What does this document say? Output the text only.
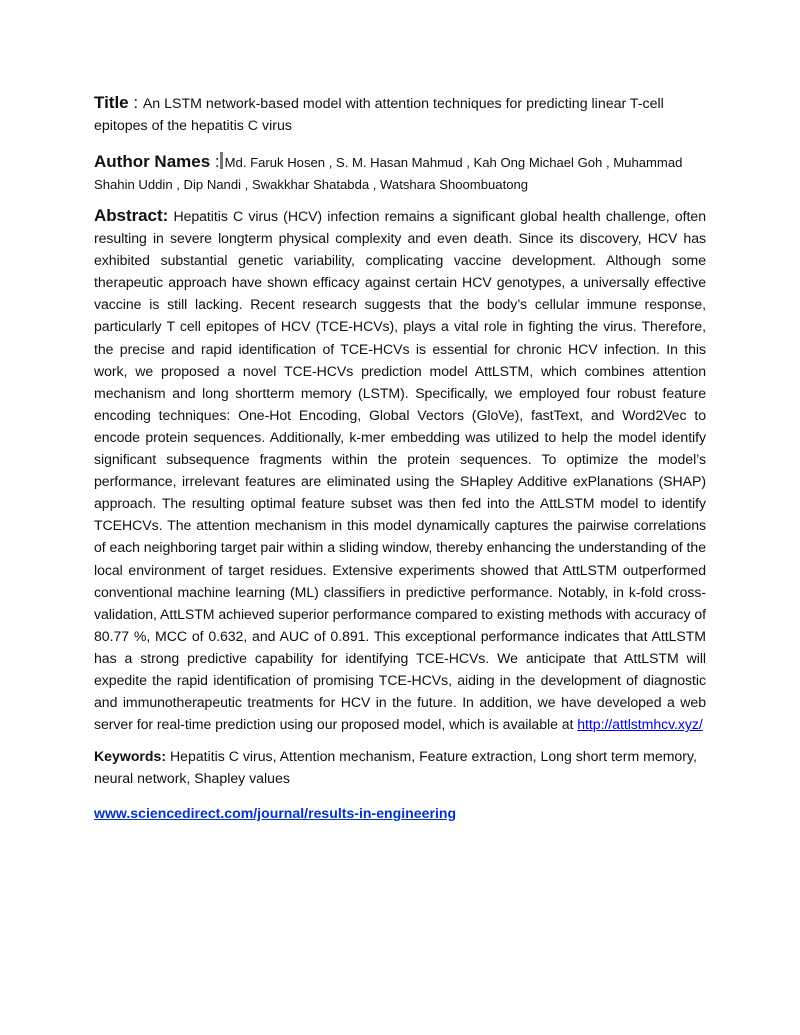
Title : An LSTM network-based model with attention techniques for predicting linear T-cell epitopes of the hepatitis C virus

Author Names : Md. Faruk Hosen , S. M. Hasan Mahmud , Kah Ong Michael Goh , Muhammad Shahin Uddin , Dip Nandi , Swakkhar Shatabda , Watshara Shoombuatong

Abstract: Hepatitis C virus (HCV) infection remains a significant global health challenge, often resulting in severe longterm physical complexity and even death. Since its discovery, HCV has exhibited substantial genetic variability, complicating vaccine development. Although some therapeutic approach have shown efficacy against certain HCV genotypes, a universally effective vaccine is still lacking. Recent research suggests that the body’s cellular immune response, particularly T cell epitopes of HCV (TCE-HCVs), plays a vital role in fighting the virus. Therefore, the precise and rapid identification of TCE-HCVs is essential for chronic HCV infection. In this work, we proposed a novel TCE-HCVs prediction model AttLSTM, which combines attention mechanism and long shortterm memory (LSTM). Specifically, we employed four robust feature encoding techniques: One-Hot Encoding, Global Vectors (GloVe), fastText, and Word2Vec to encode protein sequences. Additionally, k-mer embedding was utilized to help the model identify significant subsequence fragments within the protein sequences. To optimize the model’s performance, irrelevant features are eliminated using the SHapley Additive exPlanations (SHAP) approach. The resulting optimal feature subset was then fed into the AttLSTM model to identify TCEHCVs. The attention mechanism in this model dynamically captures the pairwise correlations of each neighboring target pair within a sliding window, thereby enhancing the understanding of the local environment of target residues. Extensive experiments showed that AttLSTM outperformed conventional machine learning (ML) classifiers in predictive performance. Notably, in k-fold cross-validation, AttLSTM achieved superior performance compared to existing methods with accuracy of 80.77 %, MCC of 0.632, and AUC of 0.891. This exceptional performance indicates that AttLSTM has a strong predictive capability for identifying TCE-HCVs. We anticipate that AttLSTM will expedite the rapid identification of promising TCE-HCVs, aiding in the development of diagnostic and immunotherapeutic treatments for HCV in the future. In addition, we have developed a web server for real-time prediction using our proposed model, which is available at http://attlstmhcv.xyz/

Keywords: Hepatitis C virus, Attention mechanism, Feature extraction, Long short term memory, neural network, Shapley values

www.sciencedirect.com/journal/results-in-engineering
